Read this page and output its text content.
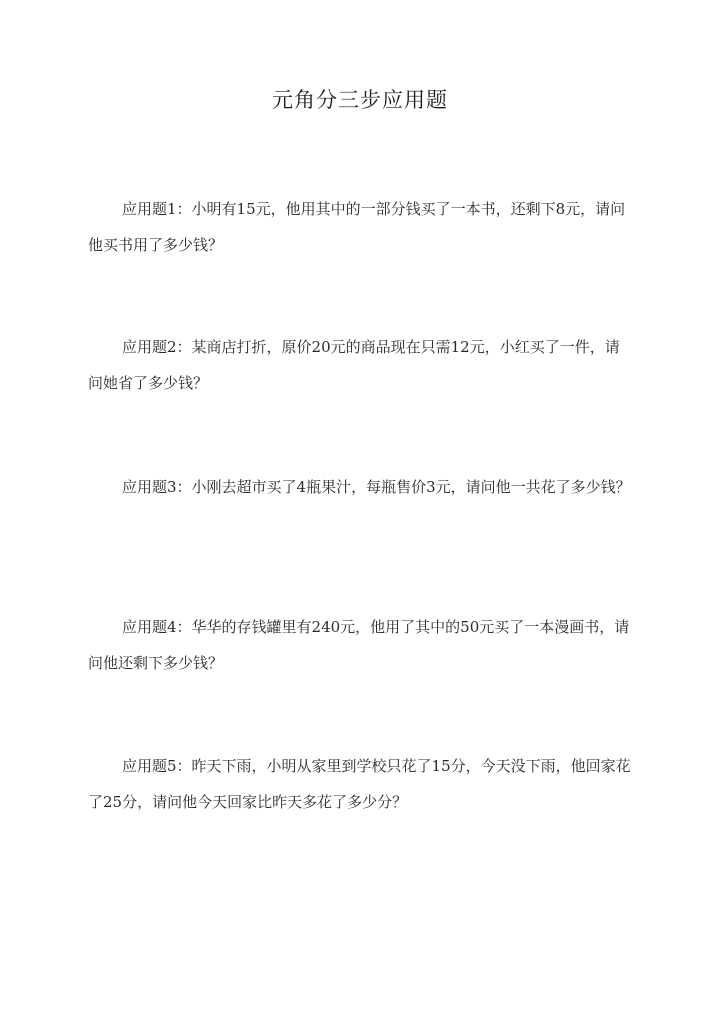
元角分三步应用题

应用题1：小明有15元，他用其中的一部分钱买了一本书，还剩下8元，请问他买书用了多少钱？

应用题2：某商店打折，原价20元的商品现在只需12元，小红买了一件，请问她省了多少钱？

应用题3：小刚去超市买了4瓶果汁，每瓶售价3元，请问他一共花了多少钱？

应用题4：华华的存钱罐里有240元，他用了其中的50元买了一本漫画书，请问他还剩下多少钱？

应用题5：昨天下雨，小明从家里到学校只花了15分，今天没下雨，他回家花了25分，请问他今天回家比昨天多花了多少分？
